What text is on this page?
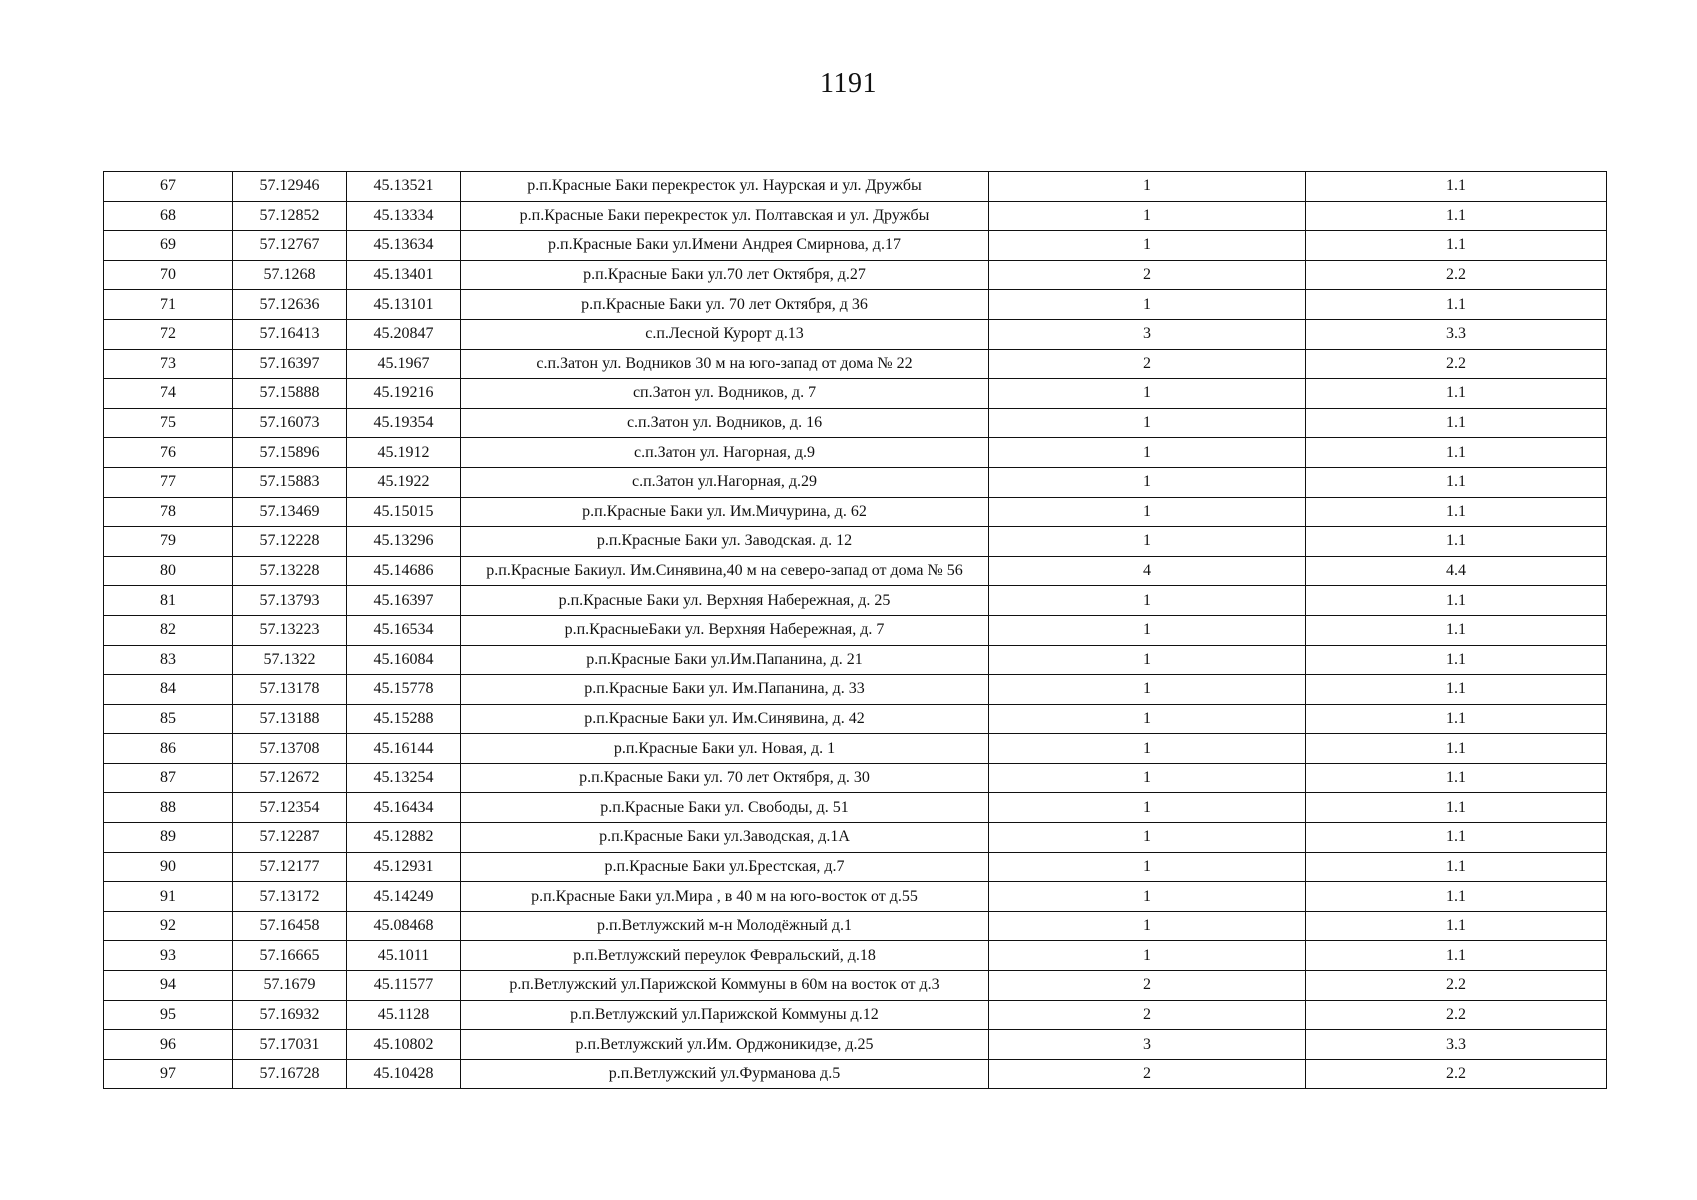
1191
67	57.12946	45.13521	р.п.Красные Баки перекресток ул. Наурская и ул. Дружбы	1	1.1
68	57.12852	45.13334	р.п.Красные Баки перекресток ул. Полтавская и ул. Дружбы	1	1.1
69	57.12767	45.13634	р.п.Красные Баки ул.Имени Андрея Смирнова, д.17	1	1.1
70	57.1268	45.13401	р.п.Красные Баки ул.70 лет Октября, д.27	2	2.2
71	57.12636	45.13101	р.п.Красные Баки ул. 70 лет Октября, д 36	1	1.1
72	57.16413	45.20847	с.п.Лесной Курорт д.13	3	3.3
73	57.16397	45.1967	с.п.Затон ул. Водников 30 м на юго-запад от дома № 22	2	2.2
74	57.15888	45.19216	сп.Затон ул. Водников, д. 7	1	1.1
75	57.16073	45.19354	с.п.Затон ул. Водников, д. 16	1	1.1
76	57.15896	45.1912	с.п.Затон ул. Нагорная, д.9	1	1.1
77	57.15883	45.1922	с.п.Затон ул.Нагорная, д.29	1	1.1
78	57.13469	45.15015	р.п.Красные Баки ул. Им.Мичурина, д. 62	1	1.1
79	57.12228	45.13296	р.п.Красные Баки ул. Заводская. д. 12	1	1.1
80	57.13228	45.14686	р.п.Красные Бакиул. Им.Синявина,40 м на северо-запад от дома № 56	4	4.4
81	57.13793	45.16397	р.п.Красные Баки ул. Верхняя Набережная, д. 25	1	1.1
82	57.13223	45.16534	р.п.КрасныеБаки ул. Верхняя Набережная, д. 7	1	1.1
83	57.1322	45.16084	р.п.Красные Баки ул.Им.Папанина, д. 21	1	1.1
84	57.13178	45.15778	р.п.Красные Баки ул. Им.Папанина, д. 33	1	1.1
85	57.13188	45.15288	р.п.Красные Баки ул. Им.Синявина, д. 42	1	1.1
86	57.13708	45.16144	р.п.Красные Баки ул. Новая, д. 1	1	1.1
87	57.12672	45.13254	р.п.Красные Баки ул. 70 лет Октября, д. 30	1	1.1
88	57.12354	45.16434	р.п.Красные Баки ул. Свободы, д. 51	1	1.1
89	57.12287	45.12882	р.п.Красные Баки ул.Заводская, д.1А	1	1.1
90	57.12177	45.12931	р.п.Красные Баки ул.Брестская, д.7	1	1.1
91	57.13172	45.14249	р.п.Красные Баки ул.Мира , в 40 м на юго-восток от д.55	1	1.1
92	57.16458	45.08468	р.п.Ветлужский м-н Молодёжный д.1	1	1.1
93	57.16665	45.1011	р.п.Ветлужский переулок Февральский, д.18	1	1.1
94	57.1679	45.11577	р.п.Ветлужский ул.Парижской Коммуны в 60м на восток от д.3	2	2.2
95	57.16932	45.1128	р.п.Ветлужский ул.Парижской Коммуны д.12	2	2.2
96	57.17031	45.10802	р.п.Ветлужский ул.Им. Орджоникидзе, д.25	3	3.3
97	57.16728	45.10428	р.п.Ветлужский ул.Фурманова д.5	2	2.2
